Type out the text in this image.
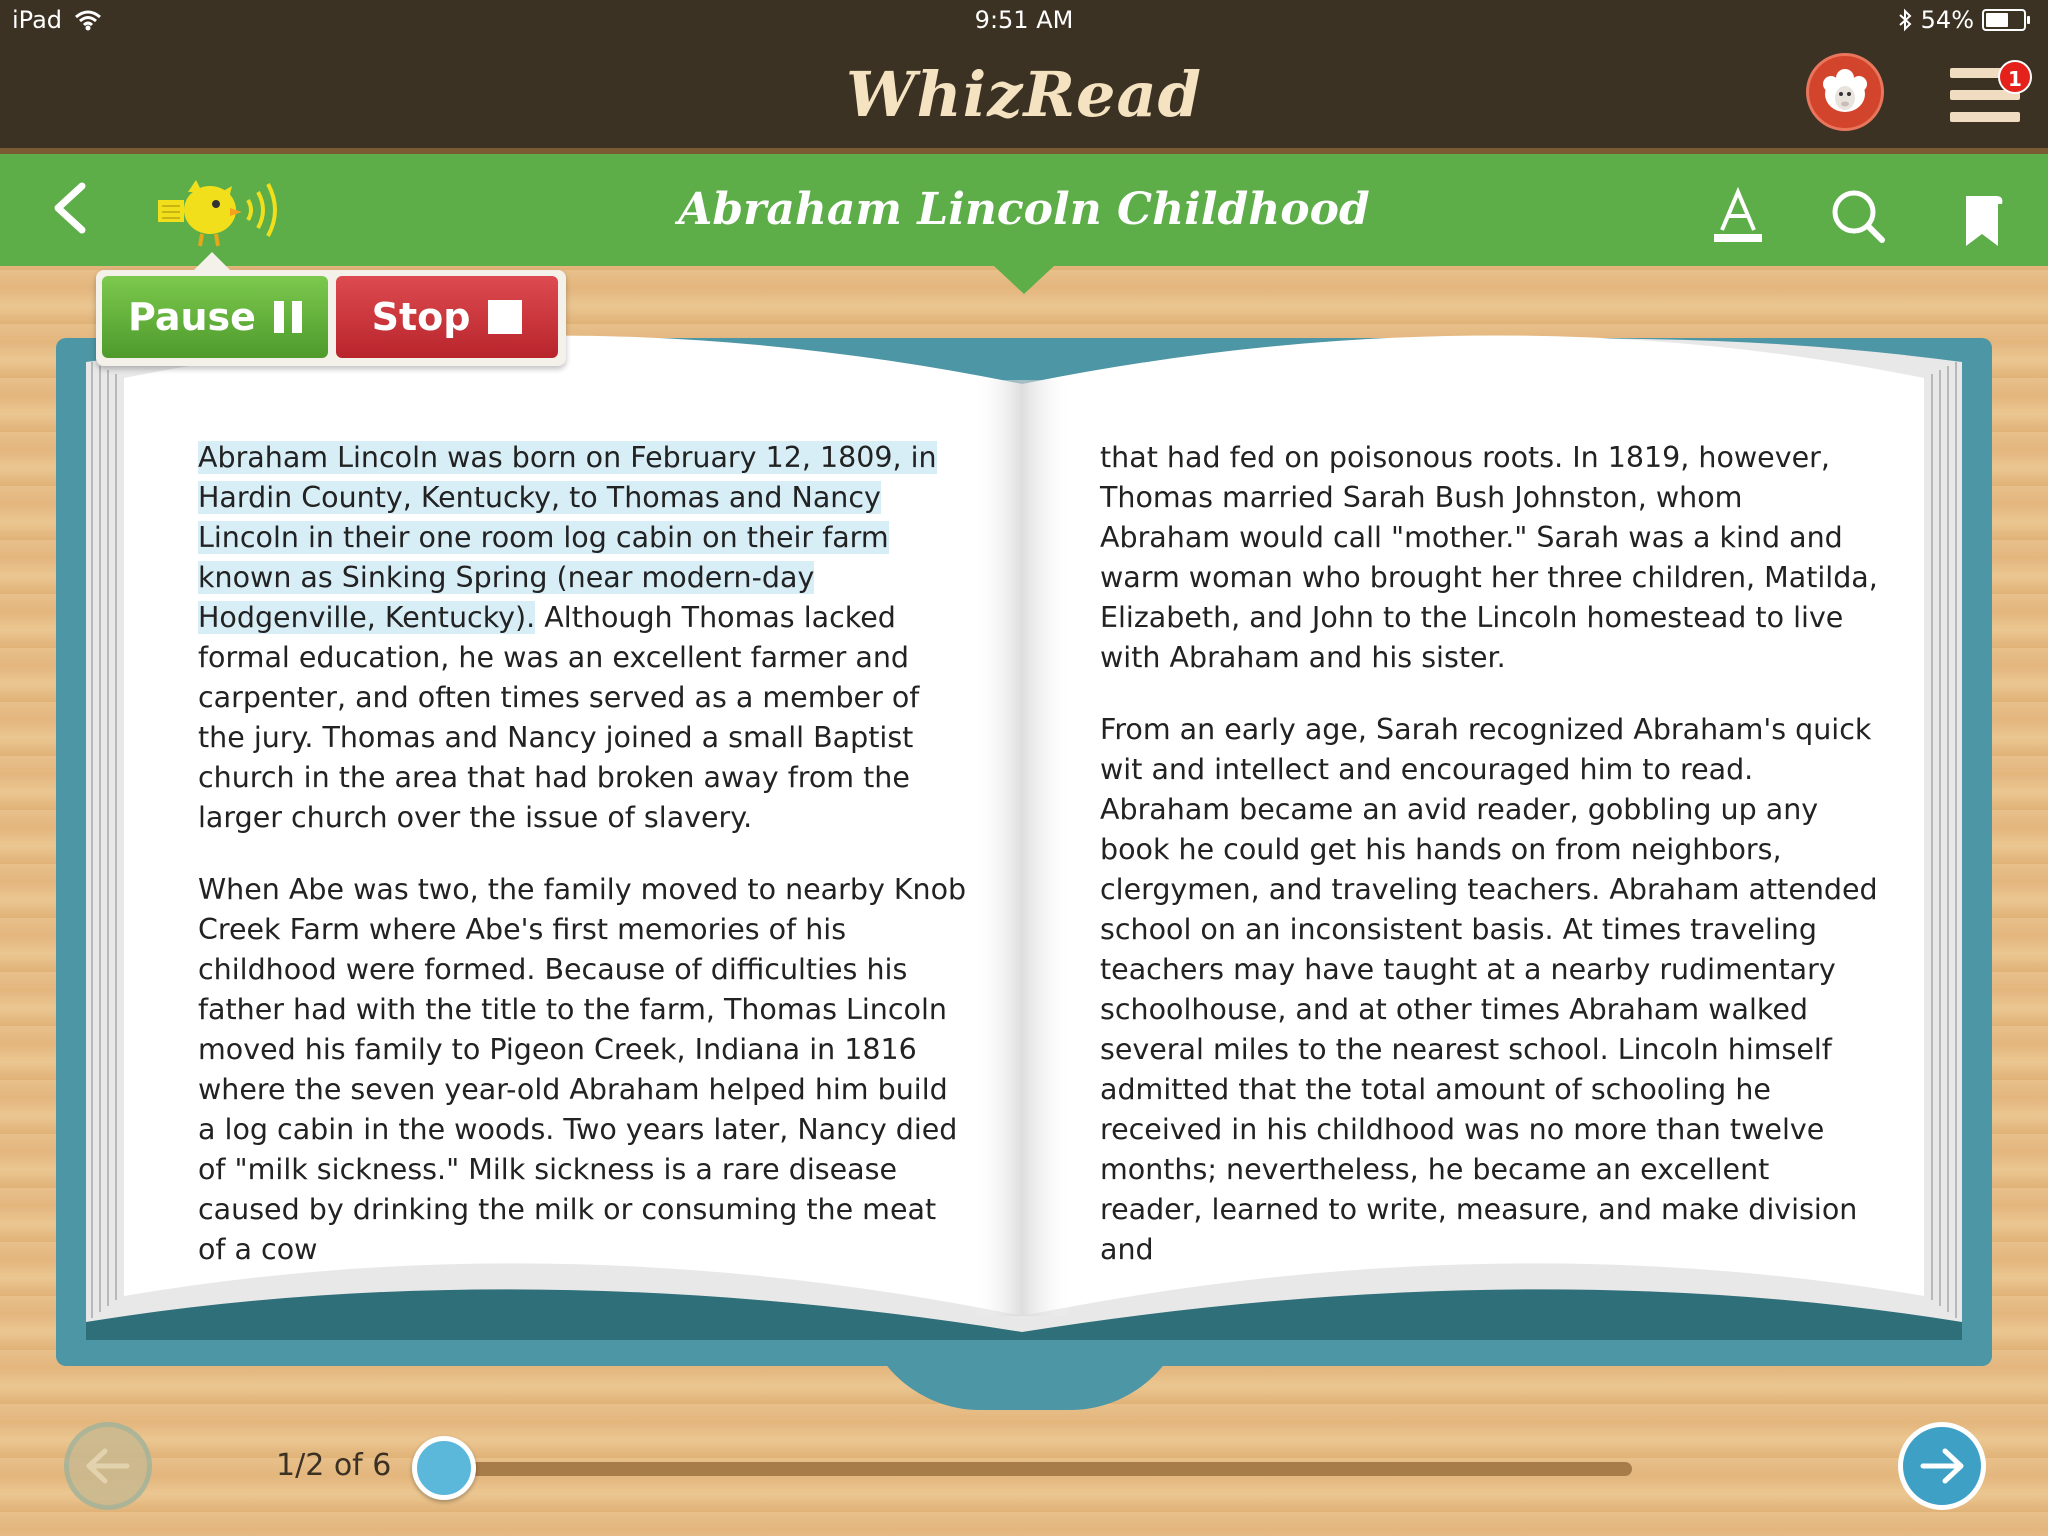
iPad	9:51 AM	54%
WhizRead	1
Abraham Lincoln Childhood
Pause	Stop

Abraham Lincoln was born on February 12, 1809, in Hardin County, Kentucky, to Thomas and Nancy Lincoln in their one room log cabin on their farm known as Sinking Spring (near modern-day Hodgenville, Kentucky). Although Thomas lacked formal education, he was an excellent farmer and carpenter, and often times served as a member of the jury. Thomas and Nancy joined a small Baptist church in the area that had broken away from the larger church over the issue of slavery.

When Abe was two, the family moved to nearby Knob Creek Farm where Abe's first memories of his childhood were formed. Because of difficulties his father had with the title to the farm, Thomas Lincoln moved his family to Pigeon Creek, Indiana in 1816 where the seven year-old Abraham helped him build a log cabin in the woods. Two years later, Nancy died of "milk sickness." Milk sickness is a rare disease caused by drinking the milk or consuming the meat of a cow

that had fed on poisonous roots. In 1819, however, Thomas married Sarah Bush Johnston, whom Abraham would call "mother." Sarah was a kind and warm woman who brought her three children, Matilda, Elizabeth, and John to the Lincoln homestead to live with Abraham and his sister.

From an early age, Sarah recognized Abraham's quick wit and intellect and encouraged him to read. Abraham became an avid reader, gobbling up any book he could get his hands on from neighbors, clergymen, and traveling teachers. Abraham attended school on an inconsistent basis. At times traveling teachers may have taught at a nearby rudimentary schoolhouse, and at other times Abraham walked several miles to the nearest school. Lincoln himself admitted that the total amount of schooling he received in his childhood was no more than twelve months; nevertheless, he became an excellent reader, learned to write, measure, and make division and

1/2 of 6
